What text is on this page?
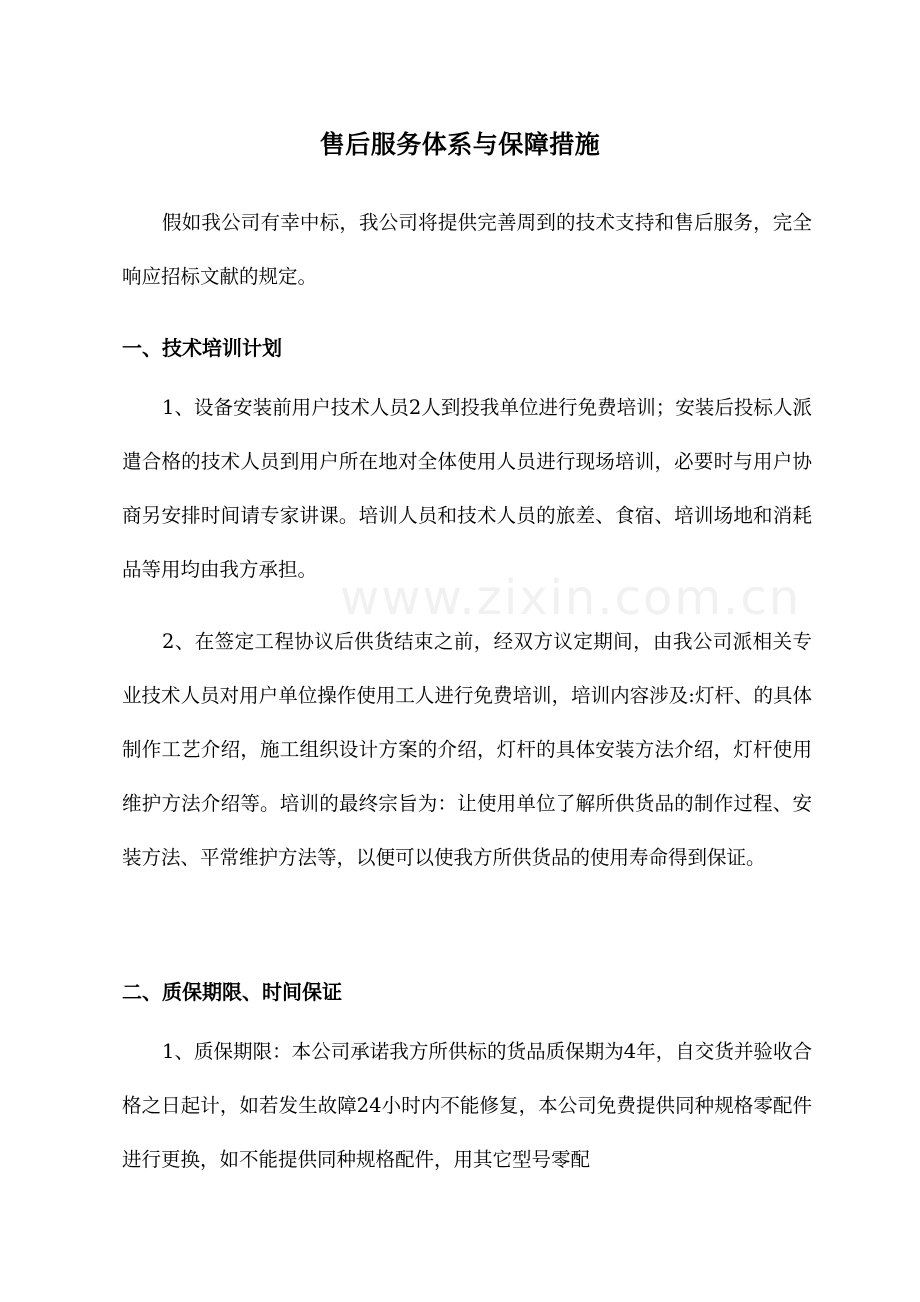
www.zixin.com.cn
售后服务体系与保障措施

假如我公司有幸中标，我公司将提供完善周到的技术支持和售后服务，完全响应招标文献的规定。

一、技术培训计划

1、设备安装前用户技术人员2人到投我单位进行免费培训；安装后投标人派遣合格的技术人员到用户所在地对全体使用人员进行现场培训，必要时与用户协商另安排时间请专家讲课。培训人员和技术人员的旅差、食宿、培训场地和消耗品等用均由我方承担。

2、在签定工程协议后供货结束之前，经双方议定期间，由我公司派相关专业技术人员对用户单位操作使用工人进行免费培训，培训内容涉及:灯杆、的具体制作工艺介绍，施工组织设计方案的介绍，灯杆的具体安装方法介绍，灯杆使用维护方法介绍等。培训的最终宗旨为：让使用单位了解所供货品的制作过程、安装方法、平常维护方法等，以便可以使我方所供货品的使用寿命得到保证。

二、质保期限、时间保证

1、质保期限：本公司承诺我方所供标的货品质保期为4年，自交货并验收合格之日起计，如若发生故障24小时内不能修复，本公司免费提供同种规格零配件进行更换，如不能提供同种规格配件，用其它型号零配
